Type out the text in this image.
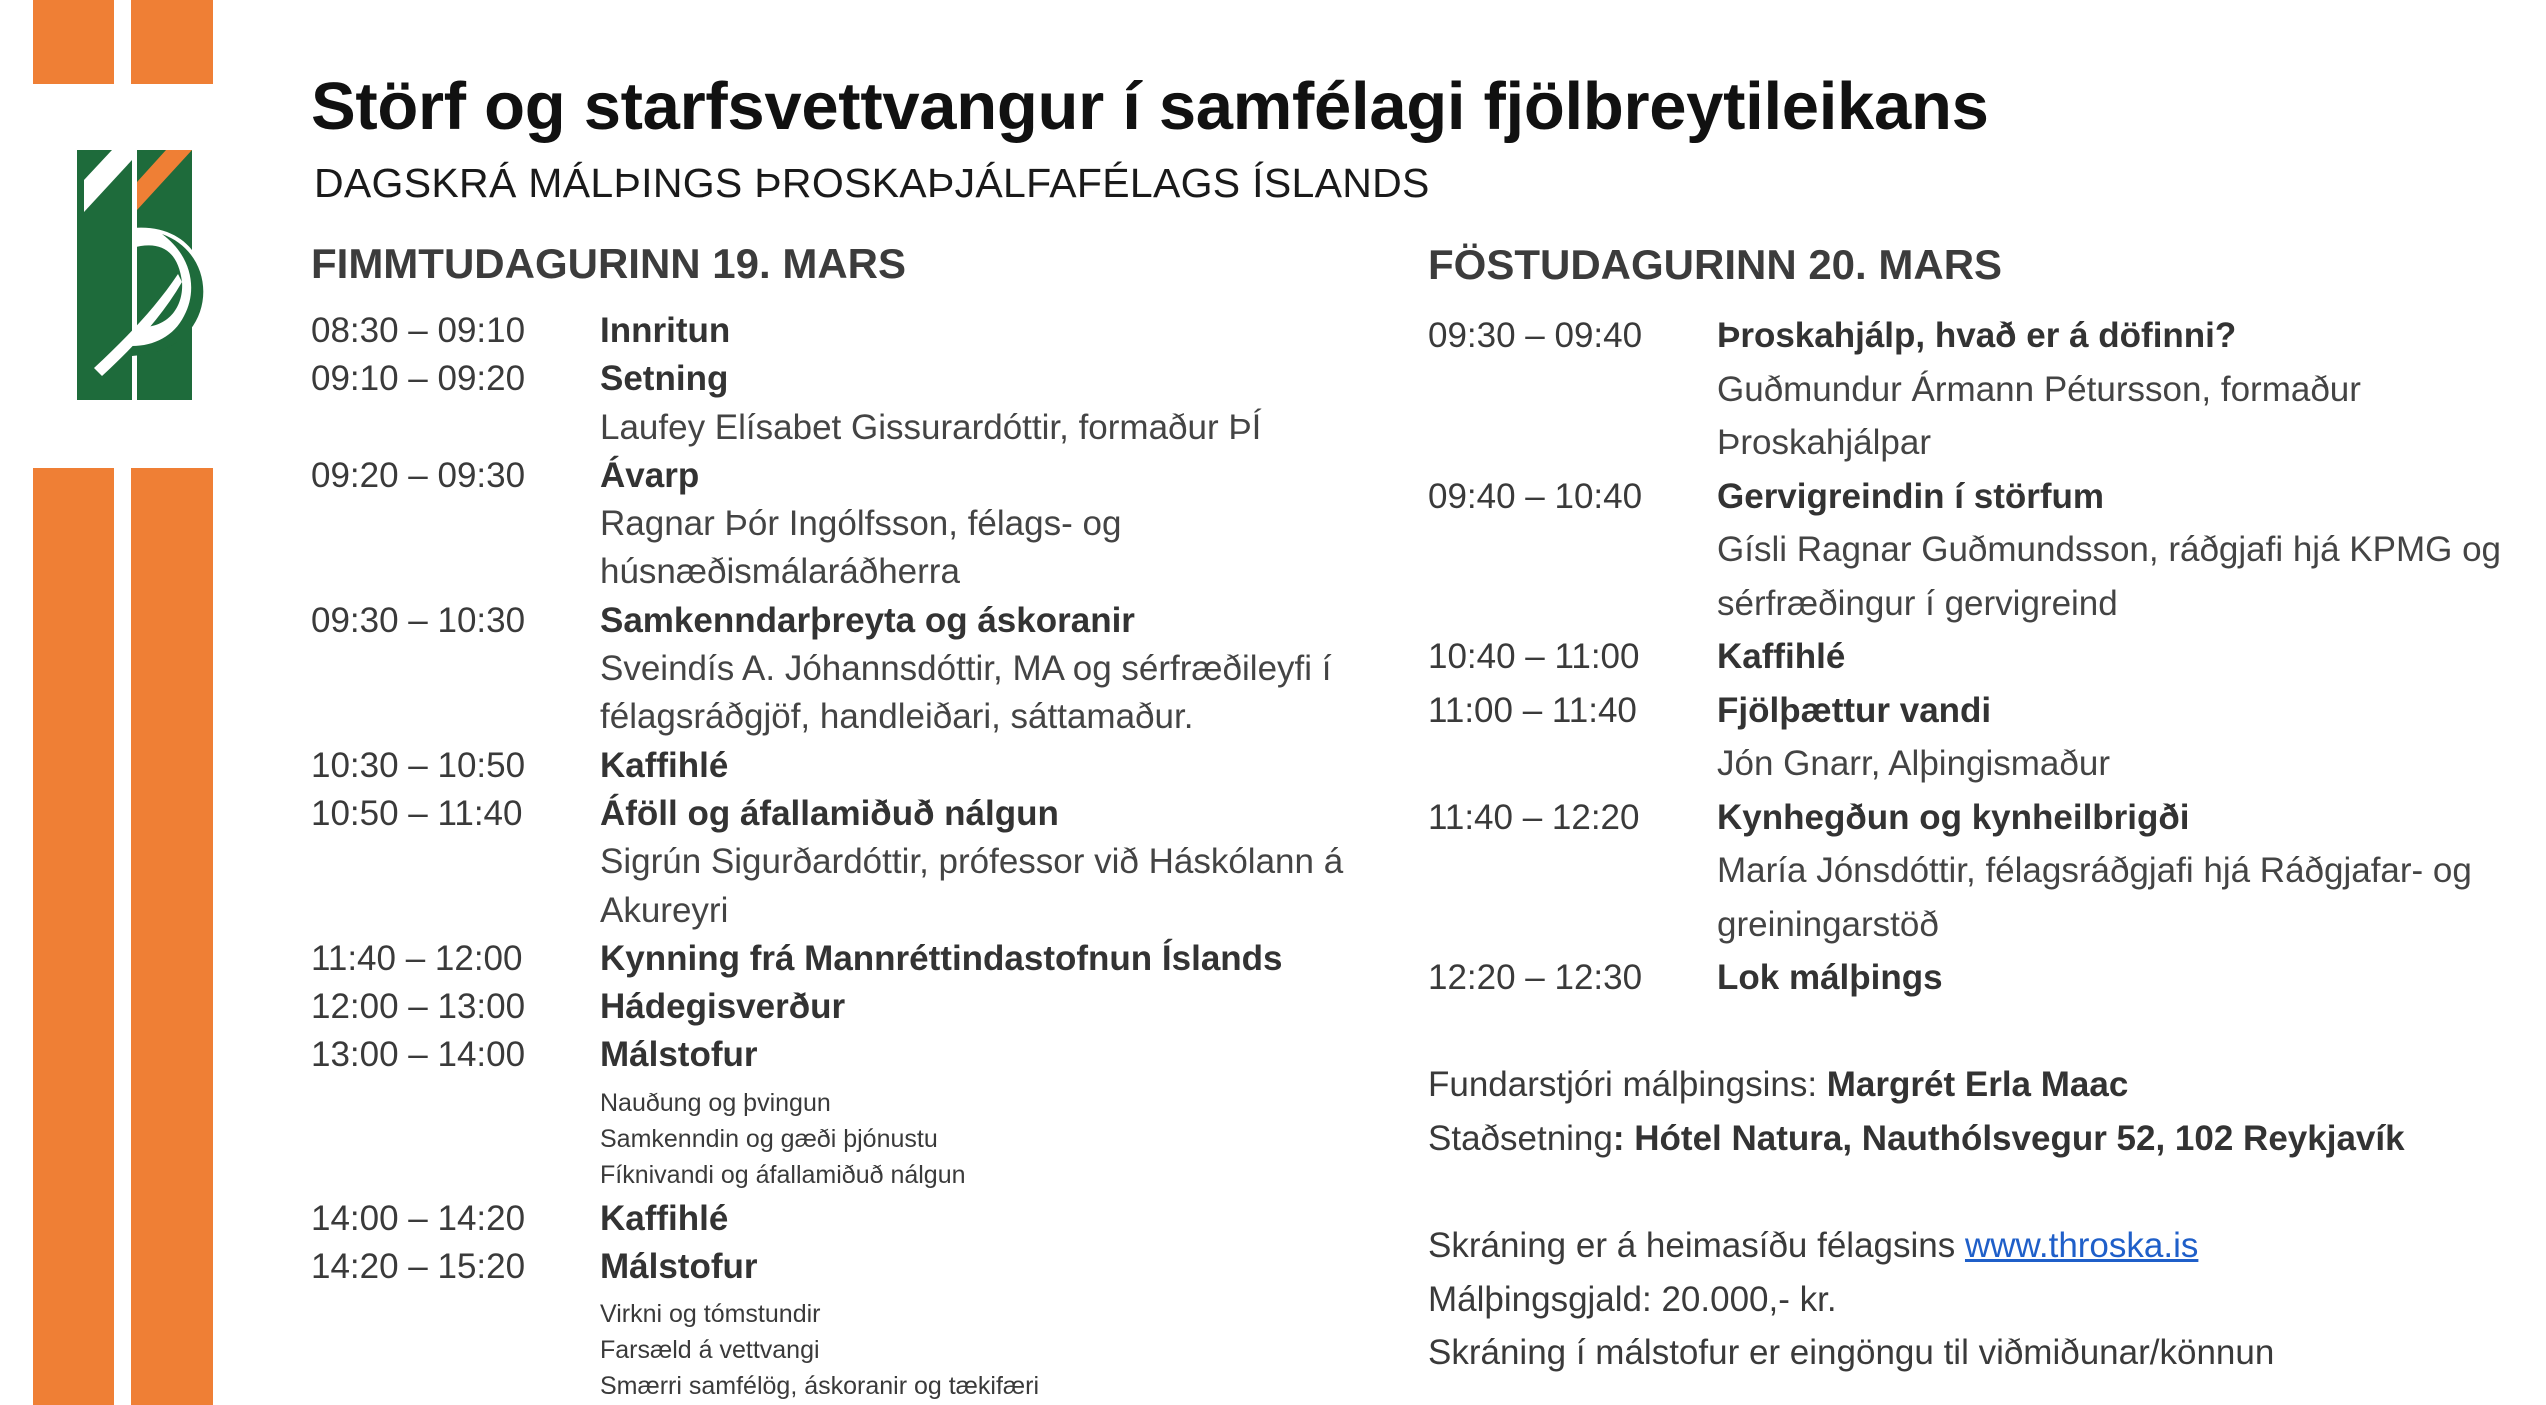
Störf og starfsvettvangur í samfélagi fjölbreytileikans
DAGSKRÁ MÁLÞINGS ÞROSKAÞJÁLFAFÉLAGS ÍSLANDS
FIMMTUDAGURINN 19. MARS	FÖSTUDAGURINN 20. MARS
08:30 – 09:10	Innritun
09:10 – 09:20	Setning
Laufey Elísabet Gissurardóttir, formaður ÞÍ
09:20 – 09:30	Ávarp
Ragnar Þór Ingólfsson, félags- og húsnæðismálaráðherra
09:30 – 10:30	Samkenndarþreyta og áskoranir
Sveindís A. Jóhannsdóttir, MA og sérfræðileyfi í félagsráðgjöf, handleiðari, sáttamaður.
10:30 – 10:50	Kaffihlé
10:50 – 11:40	Áföll og áfallamiðuð nálgun
Sigrún Sigurðardóttir, prófessor við Háskólann á Akureyri
11:40 – 12:00	Kynning frá Mannréttindastofnun Íslands
12:00 – 13:00	Hádegisverður
13:00 – 14:00	Málstofur
Nauðung og þvingun
Samkenndin og gæði þjónustu
Fíknivandi og áfallamiðuð nálgun
14:00 – 14:20	Kaffihlé
14:20 – 15:20	Málstofur
Virkni og tómstundir
Farsæld á vettvangi
Smærri samfélög, áskoranir og tækifæri
09:30 – 09:40	Þroskahjálp, hvað er á döfinni?
Guðmundur Ármann Pétursson, formaður Þroskahjálpar
09:40 – 10:40	Gervigreindin í störfum
Gísli Ragnar Guðmundsson, ráðgjafi hjá KPMG og sérfræðingur í gervigreind
10:40 – 11:00	Kaffihlé
11:00 – 11:40	Fjölþættur vandi
Jón Gnarr, Alþingismaður
11:40 – 12:20	Kynhegðun og kynheilbrigði
María Jónsdóttir, félagsráðgjafi hjá Ráðgjafar- og greiningarstöð
12:20 – 12:30	Lok málþings
Fundarstjóri málþingsins: Margrét Erla Maac
Staðsetning: Hótel Natura, Nauthólsvegur 52, 102 Reykjavík
Skráning er á heimasíðu félagsins www.throska.is
Málþingsgjald: 20.000,- kr.
Skráning í málstofur er eingöngu til viðmiðunar/könnun
